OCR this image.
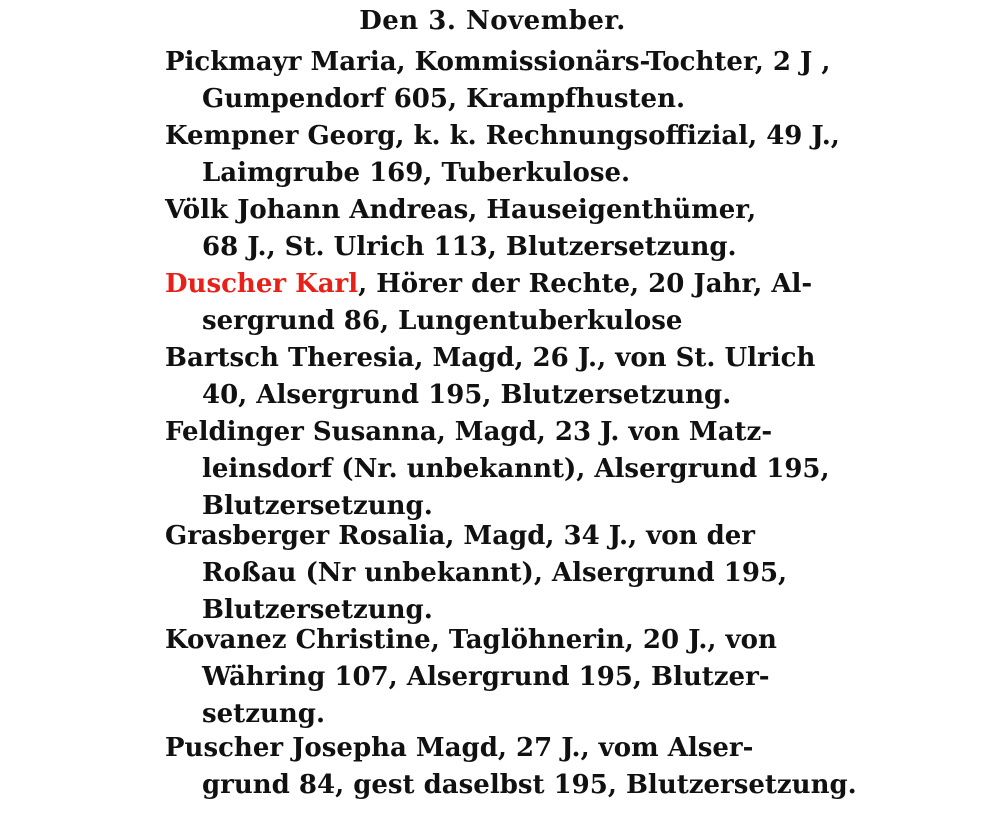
Den 3. November.
Pickmayr Maria, Kommissionärs-Tochter, 2 J ,
Gumpendorf 605, Krampfhusten.
Kempner Georg, k. k. Rechnungsoffizial, 49 J.,
Laimgrube 169, Tuberkulose.
Völk Johann Andreas, Hauseigenthümer,
68 J., St. Ulrich 113, Blutzersetzung.
Duscher Karl, Hörer der Rechte, 20 Jahr, Al-
sergrund 86, Lungentuberkulose
Bartsch Theresia, Magd, 26 J., von St. Ulrich
40, Alsergrund 195, Blutzersetzung.
Feldinger Susanna, Magd, 23 J. von Matz-
leinsdorf (Nr. unbekannt), Alsergrund 195,
Blutzersetzung.
Grasberger Rosalia, Magd, 34 J., von der
Roßau (Nr unbekannt), Alsergrund 195,
Blutzersetzung.
Kovanez Christine, Taglöhnerin, 20 J., von
Währing 107, Alsergrund 195, Blutzer-
setzung.
Puscher Josepha Magd, 27 J., vom Alser-
grund 84, gest daselbst 195, Blutzersetzung.
